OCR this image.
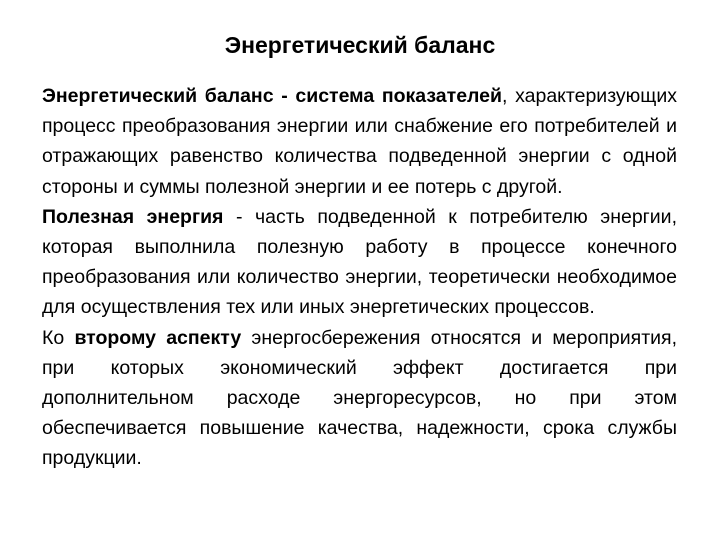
Энергетический баланс

Энергетический баланс - система показателей, характеризующих процесс преобразования энергии или снабжение его потребителей и отражающих равенство количества подведенной энергии с одной стороны и суммы полезной энергии и ее потерь с другой.

Полезная энергия - часть подведенной к потребителю энергии, которая выполнила полезную работу в процессе конечного преобразования или количество энергии, теоретически необходимое для осуществления тех или иных энергетических процессов.

Ко второму аспекту энергосбережения относятся и мероприятия, при которых экономический эффект достигается при дополнительном расходе энергоресурсов, но при этом обеспечивается повышение качества, надежности, срока службы продукции.
